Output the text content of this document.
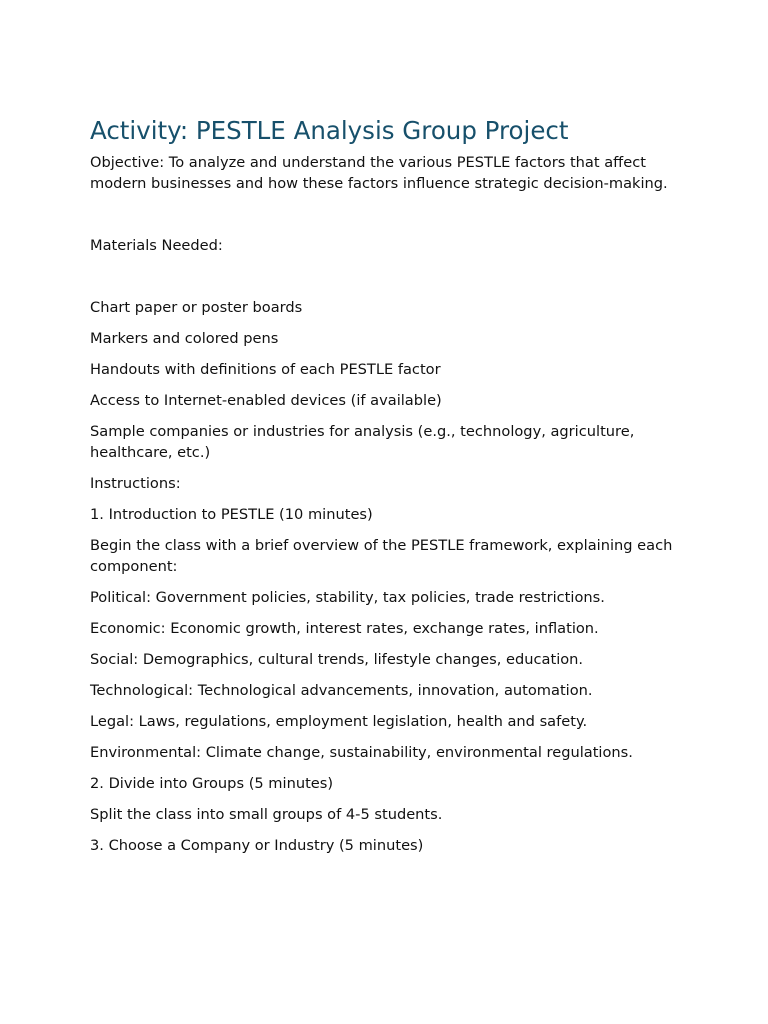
Activity: PESTLE Analysis Group Project

Objective: To analyze and understand the various PESTLE factors that affect modern businesses and how these factors influence strategic decision-making.

Materials Needed:

Chart paper or poster boards

Markers and colored pens

Handouts with definitions of each PESTLE factor

Access to Internet-enabled devices (if available)

Sample companies or industries for analysis (e.g., technology, agriculture, healthcare, etc.)

Instructions:

1. Introduction to PESTLE (10 minutes)

Begin the class with a brief overview of the PESTLE framework, explaining each component:

Political: Government policies, stability, tax policies, trade restrictions.

Economic: Economic growth, interest rates, exchange rates, inflation.

Social: Demographics, cultural trends, lifestyle changes, education.

Technological: Technological advancements, innovation, automation.

Legal: Laws, regulations, employment legislation, health and safety.

Environmental: Climate change, sustainability, environmental regulations.

2. Divide into Groups (5 minutes)

Split the class into small groups of 4-5 students.

3. Choose a Company or Industry (5 minutes)
